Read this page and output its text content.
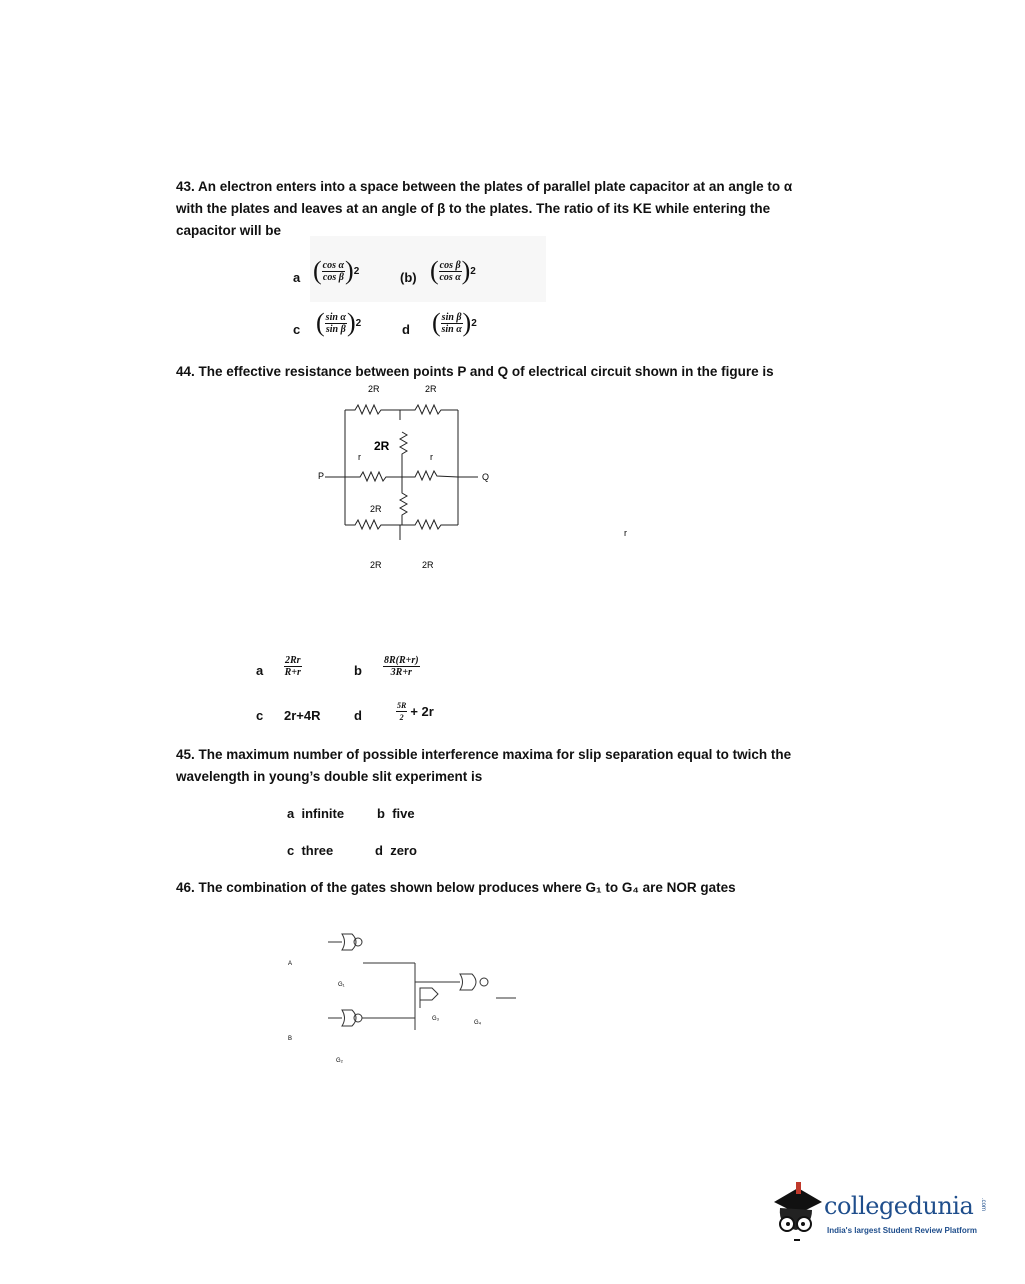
43. An electron enters into a space between the plates of parallel plate capacitor at an angle to α
with the plates and leaves at an angle of β to the plates. The ratio of its KE while entering the
capacitor will be
a ( $\frac{\text{cos α}}{\text{cos β}}$ ) 2	(b) ( $\frac{\text{cos β}}{\text{cos α}}$ ) 2
c ( $\frac{\text{sin α}}{\text{sin β}}$ ) 2	d ( $\frac{\text{sin β}}{\text{sin α}}$ ) 2
44. The effective resistance between points P and Q of electrical circuit shown in the figure is
2R	2R
2R
2R
2R	2R
r	r
P	Q
r
a $\frac{2Rr}{R+r}$	b $\frac{8R(R+r)}{3R+r}$
c 2r+4R	d	$\frac{5R}{2} + 2r$
45. The maximum number of possible interference maxima for slip separation equal to twich the
wavelength in young’s double slit experiment is
a infinite	b five
c three	d zero
46. The combination of the gates shown below produces where G₁ to G₄ are NOR gates
A
B
G₁
G₂
G₃
G₄
collegedunia .com
India's largest Student Review Platform
